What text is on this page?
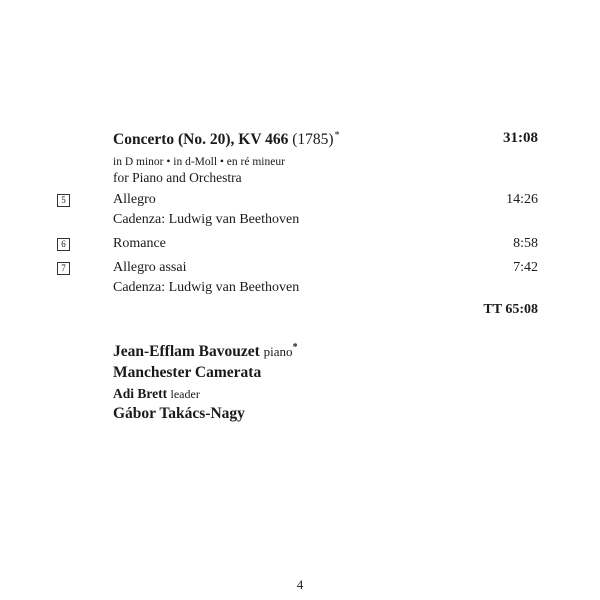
Concerto (No. 20), KV 466 (1785)*	31:08
in D minor • in d-Moll • en ré mineur
for Piano and Orchestra
5	Allegro	14:26
Cadenza: Ludwig van Beethoven
6	Romance	8:58
7	Allegro assai	7:42
Cadenza: Ludwig van Beethoven
TT 65:08
Jean-Efflam Bavouzet piano*
Manchester Camerata
Adi Brett leader
Gábor Takács-Nagy
4
